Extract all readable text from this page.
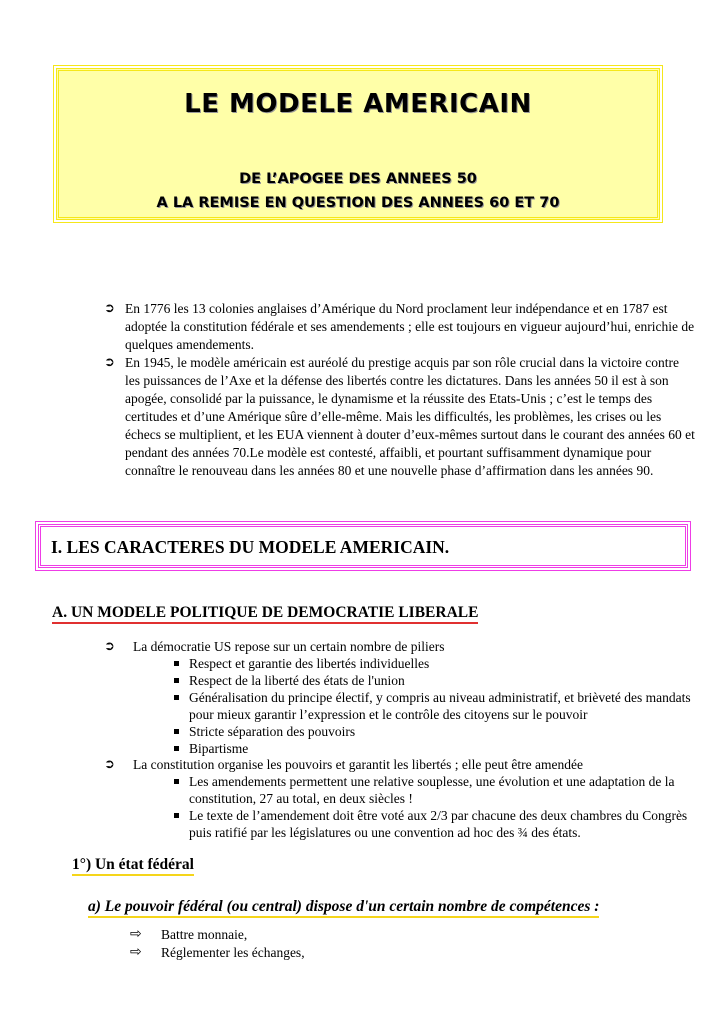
LE MODELE AMERICAIN
DE L’APOGEE DES ANNEES 50
A LA REMISE EN QUESTION DES ANNEES 60 ET 70

➲ En 1776 les 13 colonies anglaises d’Amérique du Nord proclament leur indépendance et en 1787 est adoptée la constitution fédérale et ses amendements ; elle est toujours en vigueur aujourd’hui, enrichie de quelques amendements.

➲ En 1945, le modèle américain est auréolé du prestige acquis par son rôle crucial dans la victoire contre les puissances de l’Axe et la défense des libertés contre les dictatures. Dans les années 50 il est à son apogée, consolidé par la puissance, le dynamisme et la réussite des Etats-Unis ; c’est le temps des certitudes et d’une Amérique sûre d’elle-même. Mais les difficultés, les problèmes, les crises ou les échecs se multiplient, et les EUA viennent à douter d’eux-mêmes surtout dans le courant des années 60 et pendant des années 70.Le modèle est contesté, affaibli, et pourtant suffisamment dynamique pour connaître le renouveau dans les années 80 et une nouvelle phase d’affirmation dans les années 90.

I. LES CARACTERES DU MODELE AMERICAIN.
A. UN MODELE POLITIQUE DE DEMOCRATIE LIBERALE
➲ La démocratie US repose sur un certain nombre de piliers
Respect et garantie des libertés individuelles
Respect de la liberté des états de l'union
Généralisation du principe électif, y compris au niveau administratif, et brièveté des mandats pour mieux garantir l’expression et le contrôle des citoyens sur le pouvoir
Stricte séparation des pouvoirs
Bipartisme
➲ La constitution organise les pouvoirs et garantit les libertés ; elle peut être amendée
Les amendements permettent une relative souplesse, une évolution et une adaptation de la constitution, 27 au total, en deux siècles !
Le texte de l’amendement doit être voté aux 2/3 par chacune des deux chambres du Congrès puis ratifié par les législatures ou une convention ad hoc des ¾ des états.
1°) Un état fédéral
a) Le pouvoir fédéral (ou central) dispose d'un certain nombre de compétences :
⇨ Battre monnaie,
⇨ Réglementer les échanges,
